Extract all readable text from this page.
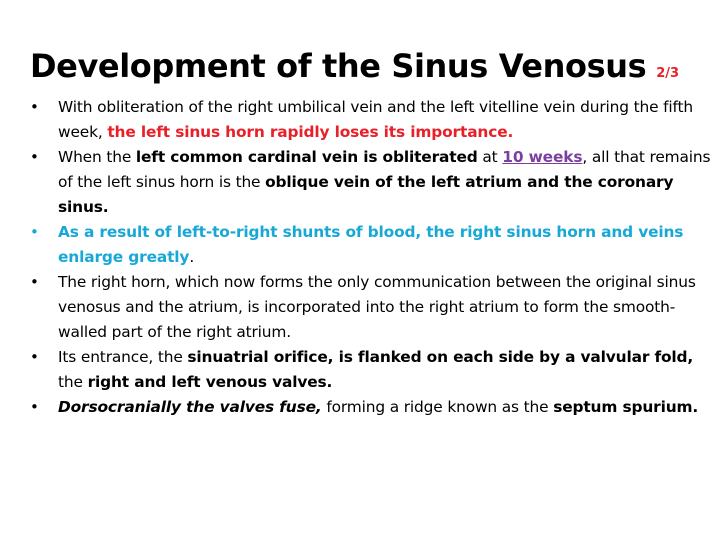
Development of the Sinus Venosus 2/3
•	With obliteration of the right umbilical vein and the left vitelline vein during the fifth week, the left sinus horn rapidly loses its importance.
•	When the left common cardinal vein is obliterated at 10 weeks, all that remains of the left sinus horn is the oblique vein of the left atrium and the coronary sinus.
•	As a result of left-to-right shunts of blood, the right sinus horn and veins enlarge greatly.
•	The right horn, which now forms the only communication between the original sinus venosus and the atrium, is incorporated into the right atrium to form the smooth-walled part of the right atrium.
•	Its entrance, the sinuatrial orifice, is flanked on each side by a valvular fold, the right and left venous valves.
•	Dorsocranially the valves fuse, forming a ridge known as the septum spurium.
